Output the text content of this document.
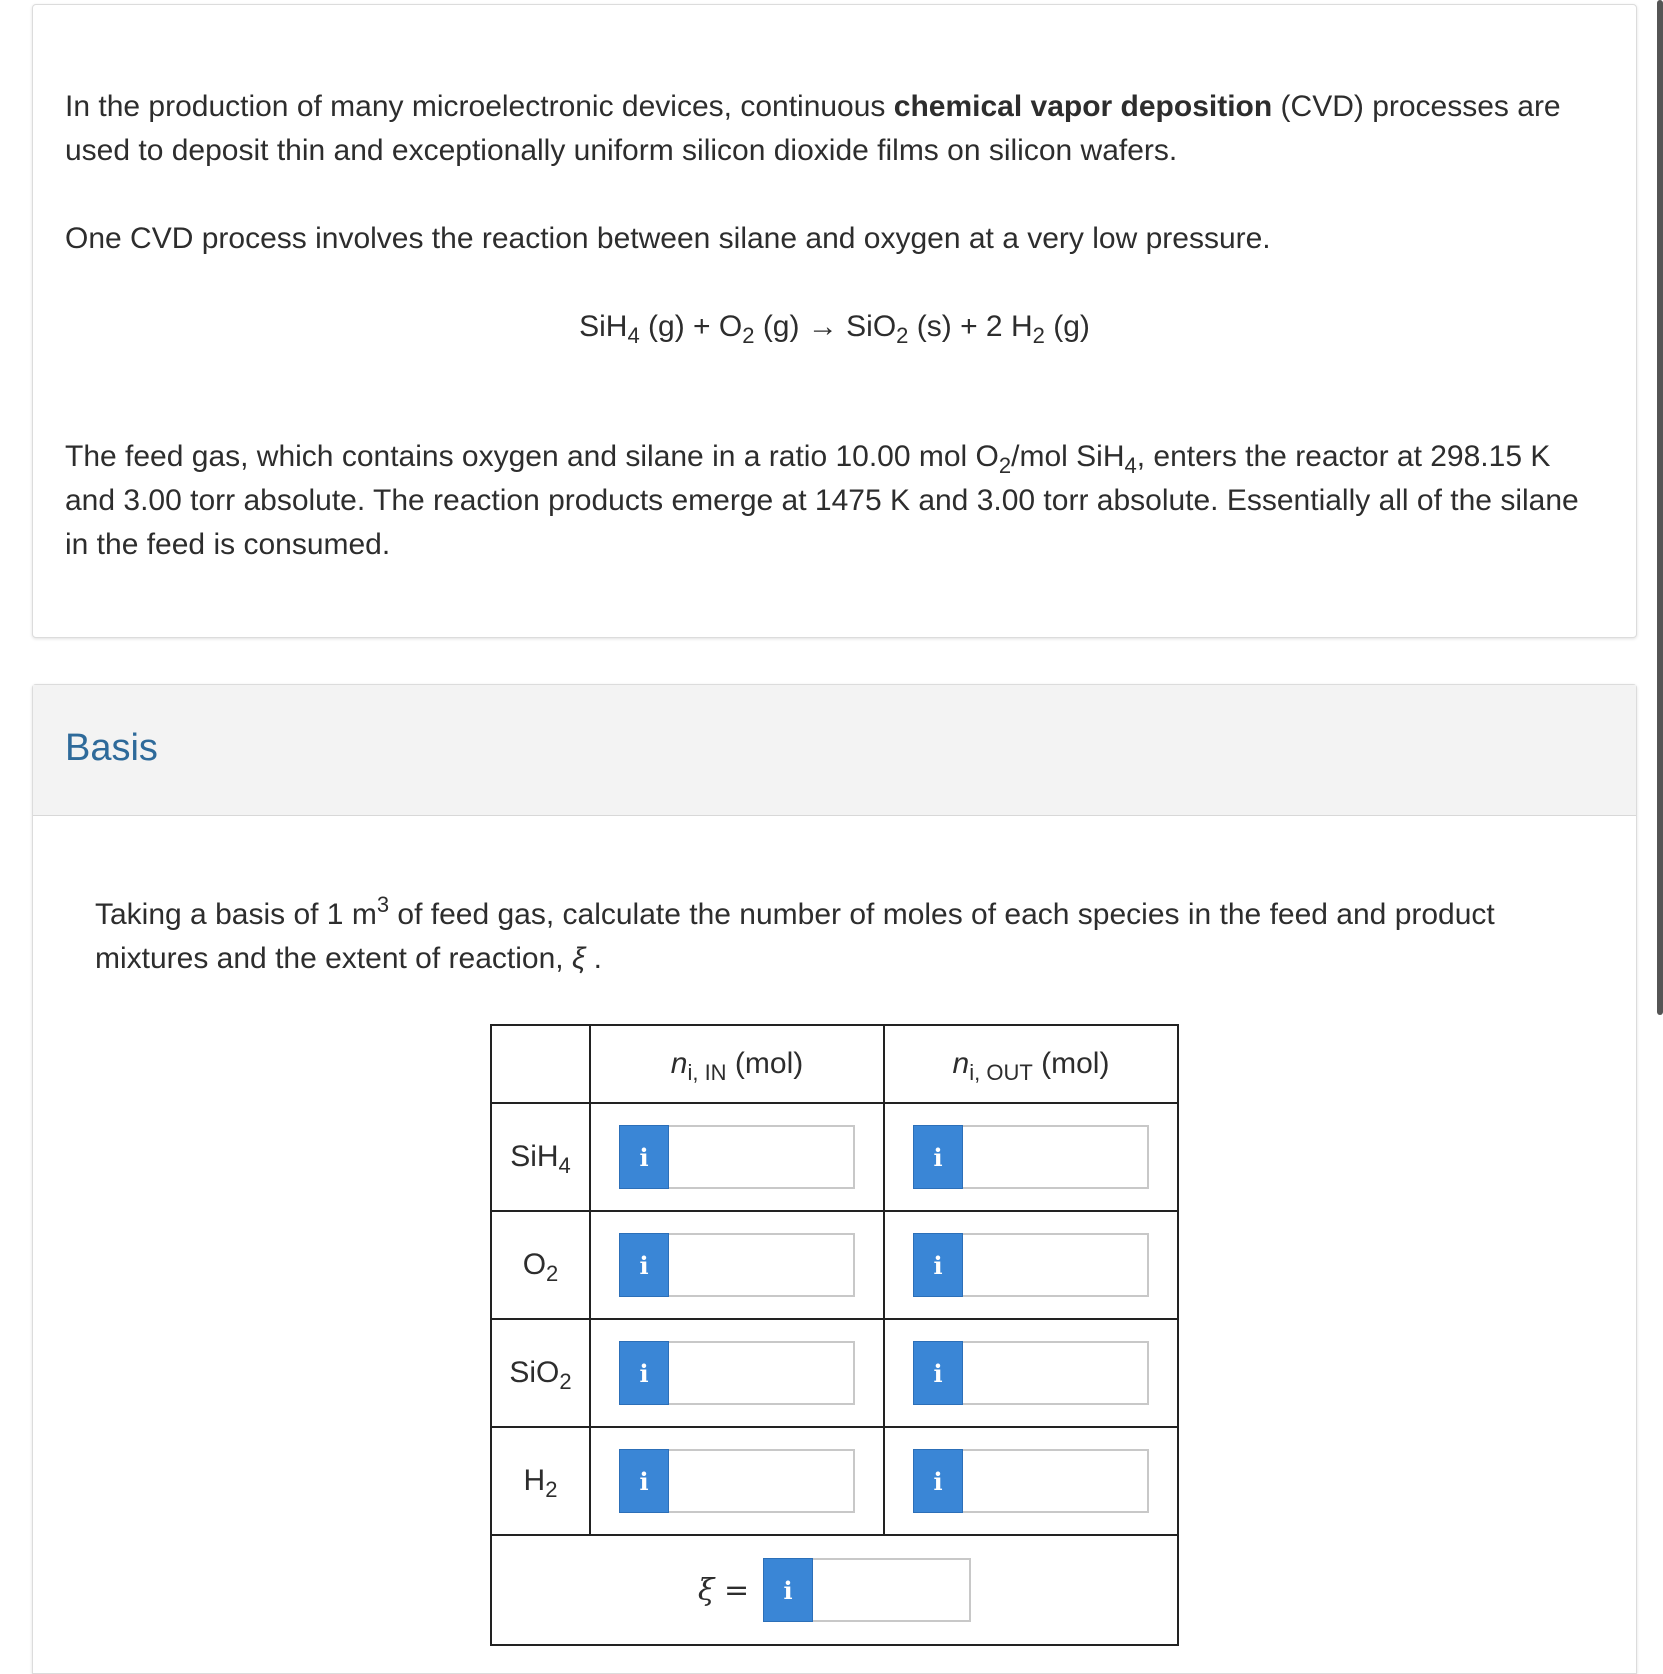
In the production of many microelectronic devices, continuous chemical vapor deposition (CVD) processes are used to deposit thin and exceptionally uniform silicon dioxide films on silicon wafers.

One CVD process involves the reaction between silane and oxygen at a very low pressure.

SiH$_4$ $(g) + O_2$ (g) → SiO$_2$ (s) + 2 $H_2$ (g)

The feed gas, which contains oxygen and silane in a ratio 10.00 mol $O_2$/mol SiH$_4$, enters the reactor at 298.15 K and 3.00 torr absolute. The reaction products emerge at 1475 K and 3.00 torr absolute. Essentially all of the silane in the feed is consumed.

Basis

Taking a basis of 1 $m^3$ of feed gas, calculate the number of moles of each species in the feed and product mixtures and the extent of reaction, ξ .

	$n_{i, IN}$ (mol)	$n_{i, OUT}$ (mol)
SiH$_4$	i	i

$O_2$	i	i

SiO$_2$	i	i

$H_2$	i	i

ξ = i		
